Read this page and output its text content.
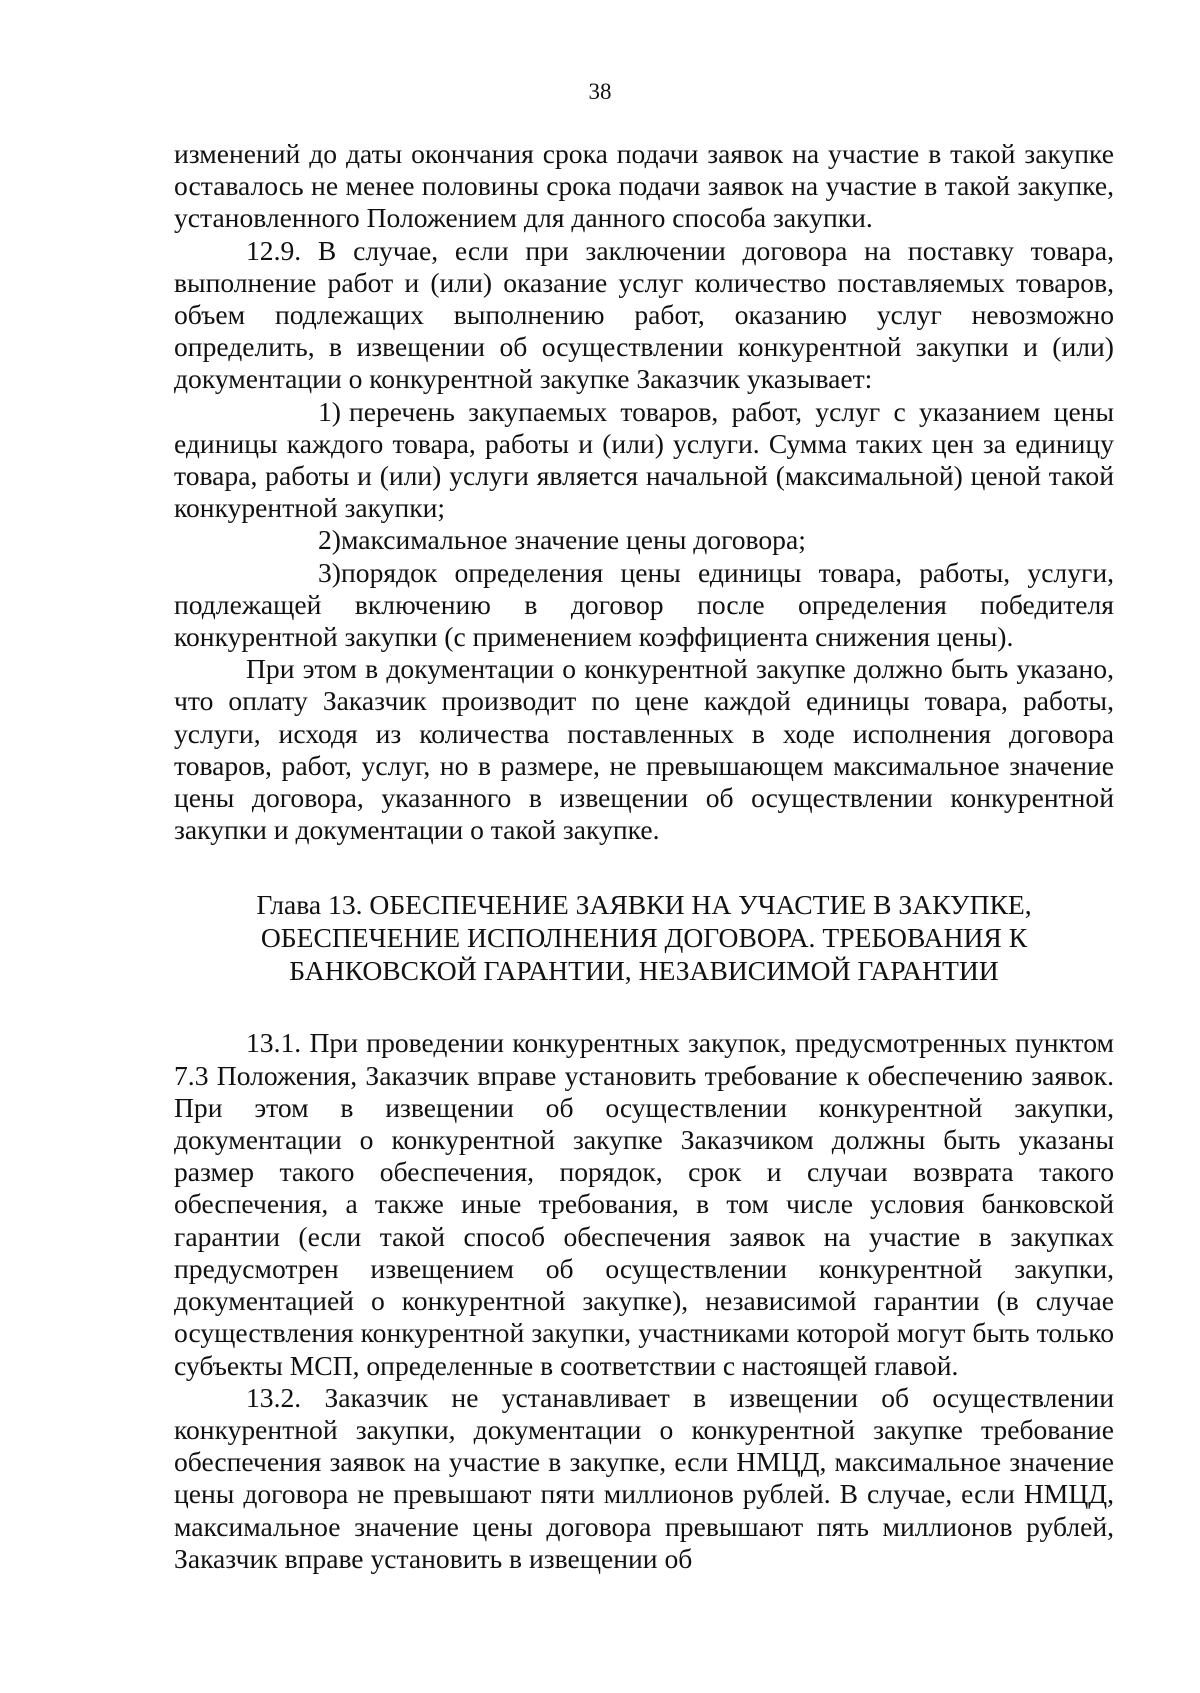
38

изменений до даты окончания срока подачи заявок на участие в такой закупке оставалось не менее половины срока подачи заявок на участие в такой закупке, установленного Положением для данного способа закупки.

12.9. В случае, если при заключении договора на поставку товара, выполнение работ и (или) оказание услуг количество поставляемых товаров, объем подлежащих выполнению работ, оказанию услуг невозможно определить, в извещении об осуществлении конкурентной закупки и (или) документации о конкурентной закупке Заказчик указывает:

1) перечень закупаемых товаров, работ, услуг с указанием цены единицы каждого товара, работы и (или) услуги. Сумма таких цен за единицу товара, работы и (или) услуги является начальной (максимальной) ценой такой конкурентной закупки;

2)максимальное значение цены договора;

3)порядок определения цены единицы товара, работы, услуги, подлежащей включению в договор после определения победителя конкурентной закупки (с применением коэффициента снижения цены).

При этом в документации о конкурентной закупке должно быть указано, что оплату Заказчик производит по цене каждой единицы товара, работы, услуги, исходя из количества поставленных в ходе исполнения договора товаров, работ, услуг, но в размере, не превышающем максимальное значение цены договора, указанного в извещении об осуществлении конкурентной закупки и документации о такой закупке.

Глава 13. ОБЕСПЕЧЕНИЕ ЗАЯВКИ НА УЧАСТИЕ В ЗАКУПКЕ,
ОБЕСПЕЧЕНИЕ ИСПОЛНЕНИЯ ДОГОВОРА. ТРЕБОВАНИЯ К
БАНКОВСКОЙ ГАРАНТИИ, НЕЗАВИСИМОЙ ГАРАНТИИ

13.1. При проведении конкурентных закупок, предусмотренных пунктом 7.3 Положения, Заказчик вправе установить требование к обеспечению заявок. При этом в извещении об осуществлении конкурентной закупки, документации о конкурентной закупке Заказчиком должны быть указаны размер такого обеспечения, порядок, срок и случаи возврата такого обеспечения, а также иные требования, в том числе условия банковской гарантии (если такой способ обеспечения заявок на участие в закупках предусмотрен извещением об осуществлении конкурентной закупки, документацией о конкурентной закупке), независимой гарантии (в случае осуществления конкурентной закупки, участниками которой могут быть только субъекты МСП, определенные в соответствии с настоящей главой.

13.2. Заказчик не устанавливает в извещении об осуществлении конкурентной закупки, документации о конкурентной закупке требование обеспечения заявок на участие в закупке, если НМЦД, максимальное значение цены договора не превышают пяти миллионов рублей. В случае, если НМЦД, максимальное значение цены договора превышают пять миллионов рублей, Заказчик вправе установить в извещении об
